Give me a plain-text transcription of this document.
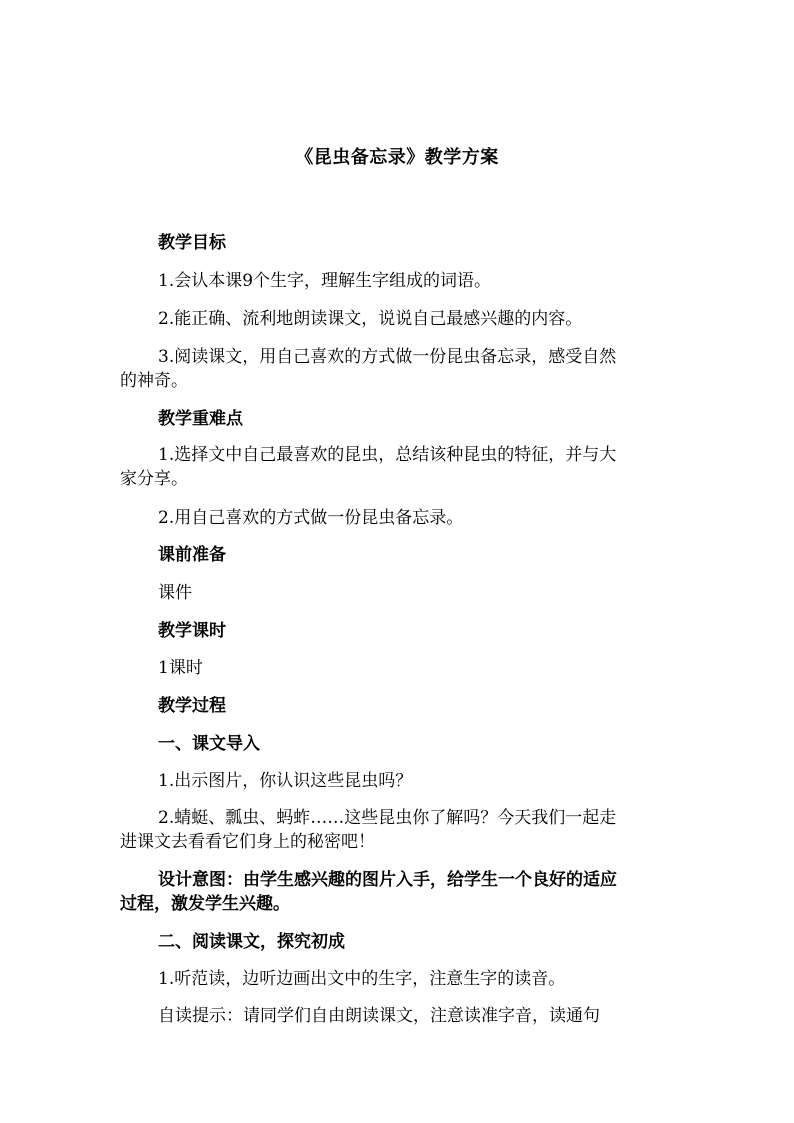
《昆虫备忘录》教学方案
教学目标
1.会认本课9个生字，理解生字组成的词语。
2.能正确、流利地朗读课文，说说自己最感兴趣的内容。
3.阅读课文，用自己喜欢的方式做一份昆虫备忘录，感受自然
的神奇。
教学重难点
1.选择文中自己最喜欢的昆虫，总结该种昆虫的特征，并与大
家分享。
2.用自己喜欢的方式做一份昆虫备忘录。
课前准备
课件
教学课时
1课时
教学过程
一、课文导入
1.出示图片，你认识这些昆虫吗？
2.蜻蜓、瓢虫、蚂蚱……这些昆虫你了解吗？今天我们一起走
进课文去看看它们身上的秘密吧！
设计意图：由学生感兴趣的图片入手，给学生一个良好的适应
过程，激发学生兴趣。
二、阅读课文，探究初成
1.听范读，边听边画出文中的生字，注意生字的读音。
自读提示：请同学们自由朗读课文，注意读准字音，读通句
